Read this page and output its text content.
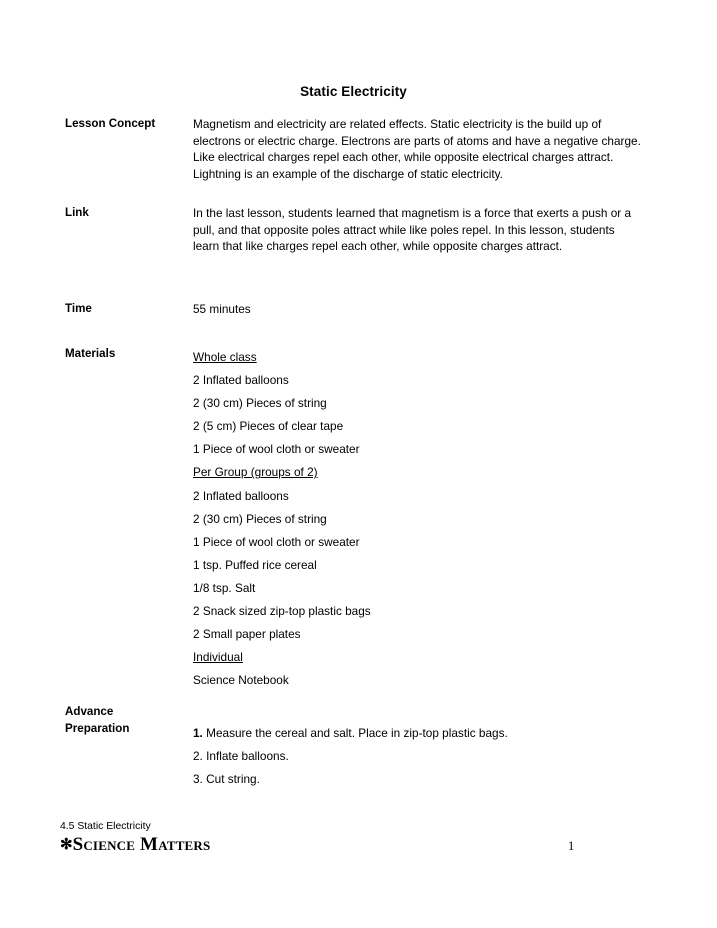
Static Electricity
Lesson Concept	Magnetism and electricity are related effects. Static electricity is the build up of electrons or electric charge. Electrons are parts of atoms and have a negative charge. Like electrical charges repel each other, while opposite electrical charges attract. Lightning is an example of the discharge of static electricity.

Link	In the last lesson, students learned that magnetism is a force that exerts a push or a pull, and that opposite poles attract while like poles repel. In this lesson, students learn that like charges repel each other, while opposite charges attract.

Time	55 minutes

Materials	Whole class
2 Inflated balloons
2 (30 cm) Pieces of string
2 (5 cm) Pieces of clear tape
1 Piece of wool cloth or sweater
Per Group (groups of 2)
2 Inflated balloons
2 (30 cm) Pieces of string
1 Piece of wool cloth or sweater
1 tsp. Puffed rice cereal
1/8 tsp. Salt
2 Snack sized zip-top plastic bags
2 Small paper plates
Individual
Science Notebook
Advance
Preparation	1. Measure the cereal and salt. Place in zip-top plastic bags.
2. Inflate balloons.
3. Cut string.
4.5 Static Electricity
✻Science Matters	1
